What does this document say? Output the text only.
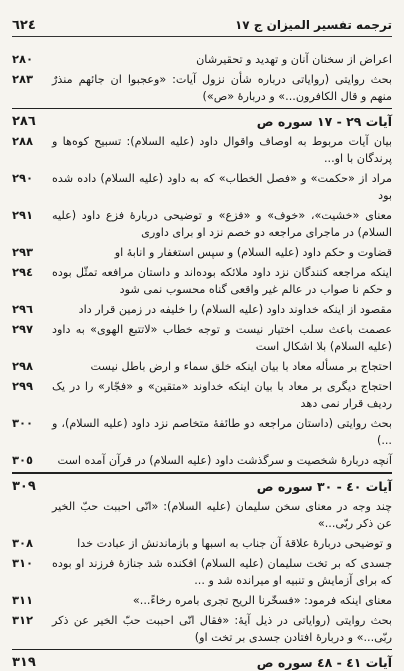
٦٢٤	ترجمه تفسير الميزان ج ١٧
اعراض از سخنان آنان و تهديد و تحقيرشان
٢٨٠
بحث روايتى (رواياتى درباره شأن نزول آيات: «وعجبوا ان جائهم منذرٌ منهم و قال الكافرون...» و دربارۀ «ص»)
٢٨٣
آيات ٢٩ - ١٧ سوره ص
٢٨٦
بيان آيات مربوط به اوصاف واقوال داود (عليه السلام): تسبيح كوه‌ها و پرندگان با او...
٢٨٨
مراد از «حكمت» و «فصل الخطاب» كه به داود (عليه السلام) داده شده بود
٢٩٠
معناى «خشيت»، «خوف» و «فزع» و توضيحى دربارۀ فزع داود (عليه السلام) در ماجراى مراجعه دو خصم نزد او براى داورى
٢٩١
قضاوت و حكم داود (عليه السلام) و سپس استغفار و انابۀ او
٢٩٣
اينكه مراجعه كنندگان نزد داود ملائكه بوده‌اند و داستان مرافعه تمثّل بوده و حكم نا صواب در عالم غير واقعى گناه محسوب نمى شود
٢٩٤
مقصود از اينكه خداوند داود (عليه السلام) را خليفه در زمين قرار داد
٢٩٦
عصمت باعث سلب اختيار نيست و توجه خطاب «لاتتبع الهوى» به داود (عليه السلام) بلا اشكال است
٢٩٧
احتجاج بر مسأله معاد با بيان اينكه خلق سماء و ارض باطل نيست
٢٩٨
احتجاج ديگرى بر معاد با بيان اينكه خداوند «متقين» و «فجّار» را در يک رديف قرار نمى دهد
٢٩٩
بحث روايتى (داستان مراجعه دو طائفۀ متخاصم نزد داود (عليه السلام)، و ...)
٣٠٠
آنچه دربارۀ شخصيت و سرگذشت داود (عليه السلام) در قرآن آمده است
٣٠٥
آيات ٤٠ - ٣٠ سوره ص
٣٠٩
چند وجه در معناى سخن سليمان (عليه السلام): «انّى احببت حبّ الخير عن ذكر ربّى...»
و توضيحى دربارۀ علاقۀ آن جناب به اسبها و بازماندنش از عبادت خدا
٣٠٨
جسدى كه بر تخت سليمان (عليه السلام) افكنده شد جنازۀ فرزند او بوده كه براى آزمايش و تنبيه او ميرانده شد و ...
٣١٠
معناى اينكه فرمود: «فسخّرنا الريح تجرى بامره رخاءً...»
٣١١
بحث روايتى (رواياتى در ذيل آيۀ: «فقال انّى احببت حبّ الخير عن ذكر ربّى...» و دربارۀ افتادن جسدى بر تخت او)
٣١٢
آيات ٤١ - ٤٨ سوره ص
٣١٩
